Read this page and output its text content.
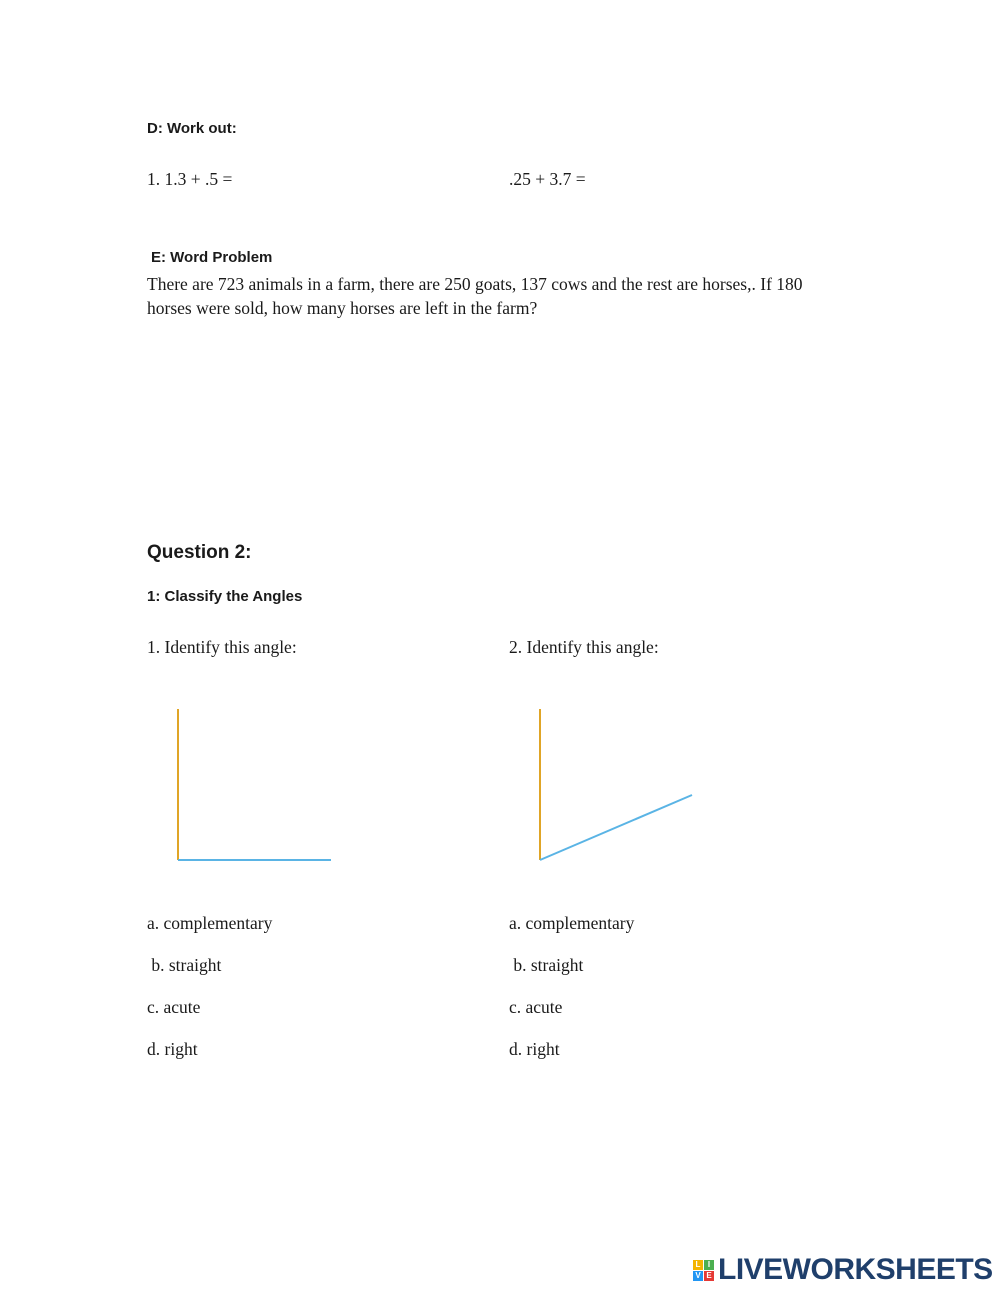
D: Work out:
1. 1.3 + .5 =	.25 + 3.7 =
E: Word Problem
There are 723 animals in a farm, there are 250 goats, 137 cows and the rest are horses,. If 180 horses were sold, how many horses are left in the farm?
Question 2:
1: Classify the Angles
1. Identify this angle:	2. Identify this angle:
a. complementary
b. straight
c. acute
d. right
a. complementary
b. straight
c. acute
d. right
L I
V E LIVEWORKSHEETS
